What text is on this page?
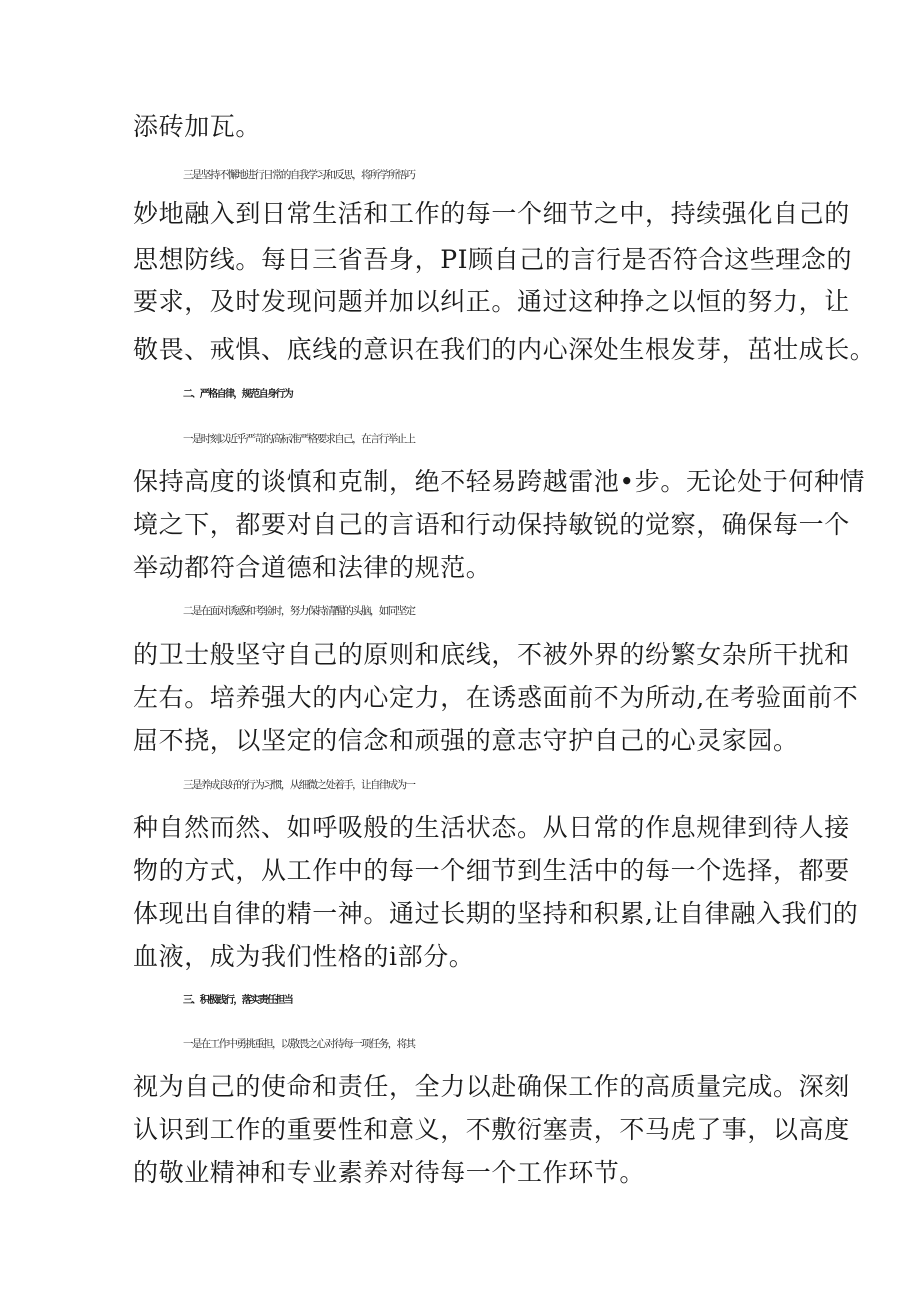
添砖加瓦。
三是坚持不懈地进行日常的自我学习和反思，将所学所悟巧
妙地融入到日常生活和工作的每一个细节之中，持续强化自己的
思想防线。每日三省吾身，PI顾自己的言行是否符合这些理念的
要求，及时发现问题并加以纠正。通过这种挣之以恒的努力，让
敬畏、戒惧、底线的意识在我们的内心深处生根发芽，茁壮成长。
二、严格自律，规范自身行为
一是时刻以近乎严苛的高标准严格要求自己，在言行举止上
保持高度的谈慎和克制，绝不轻易跨越雷池•步。无论处于何种情
境之下，都要对自己的言语和行动保持敏锐的觉察，确保每一个
举动都符合道德和法律的规范。
二是在面对诱惑和考验时，努力保持清醒的头脑，如同坚定
的卫士般坚守自己的原则和底线，不被外界的纷繁女杂所干扰和
左右。培养强大的内心定力，在诱惑面前不为所动,在考验面前不
屈不挠，以坚定的信念和顽强的意志守护自己的心灵家园。
三是养成良好的行为习惯，从细微之处着手，让自律成为一
种自然而然、如呼吸般的生活状态。从日常的作息规律到待人接
物的方式，从工作中的每一个细节到生活中的每一个选择，都要
体现出自律的精一神。通过长期的坚持和积累,让自律融入我们的
血液，成为我们性格的i部分。
三、积极践行，落实责任担当
一是在工作中勇挑重担，以敬畏之心对待每一项任务，将其
视为自己的使命和责任，全力以赴确保工作的高质量完成。深刻
认识到工作的重要性和意义，不敷衍塞责，不马虎了事，以高度
的敬业精神和专业素养对待每一个工作环节。
